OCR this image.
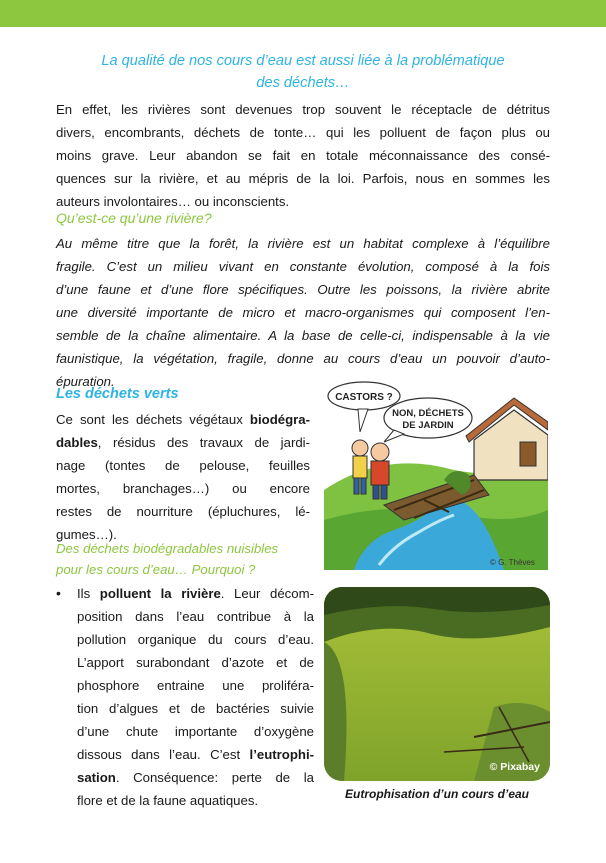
La qualité de nos cours d’eau est aussi liée à la problématique
des déchets…

En effet, les rivières sont devenues trop souvent le réceptacle de détritus

divers, encombrants, déchets de tonte… qui les polluent de façon plus ou

moins grave. Leur abandon se fait en totale méconnaissance des consé-

quences sur la rivière, et au mépris de la loi. Parfois, nous en sommes les

auteurs involontaires… ou inconscients.

Qu’est-ce qu’une rivière?

Au même titre que la forêt, la rivière est un habitat complexe à l’équilibre

fragile. C’est un milieu vivant en constante évolution, composé à la fois

d’une faune et d’une flore spécifiques. Outre les poissons, la rivière abrite

une diversité importante de micro et macro-organismes qui composent l’en-

semble de la chaîne alimentaire. A la base de celle-ci, indispensable à la vie

faunistique, la végétation, fragile, donne au cours d’eau un pouvoir d’auto-

épuration.

Les déchets verts

Ce sont les déchets végétaux biodégra-

dables, résidus des travaux de jardi-

nage (tontes de pelouse, feuilles

mortes, branchages…) ou encore

restes de nourriture (épluchures, lé-

gumes…).

Des déchets biodégradables nuisibles
pour les cours d’eau… Pourquoi ?
• Ils polluent la rivière. Leur décom-

position dans l’eau contribue à la

pollution organique du cours d’eau.

L’apport surabondant d’azote et de

phosphore entraine une proliféra-

tion d’algues et de bactéries suivie

d’une chute importante d’oxygène

dissous dans l’eau. C’est l’eutrophi-

sation. Conséquence: perte de la

flore et de la faune aquatiques.

CASTORS ?
NON, DÉCHETS
DE JARDIN
© G. Thèves
© Pixabay
Eutrophisation d’un cours d’eau
